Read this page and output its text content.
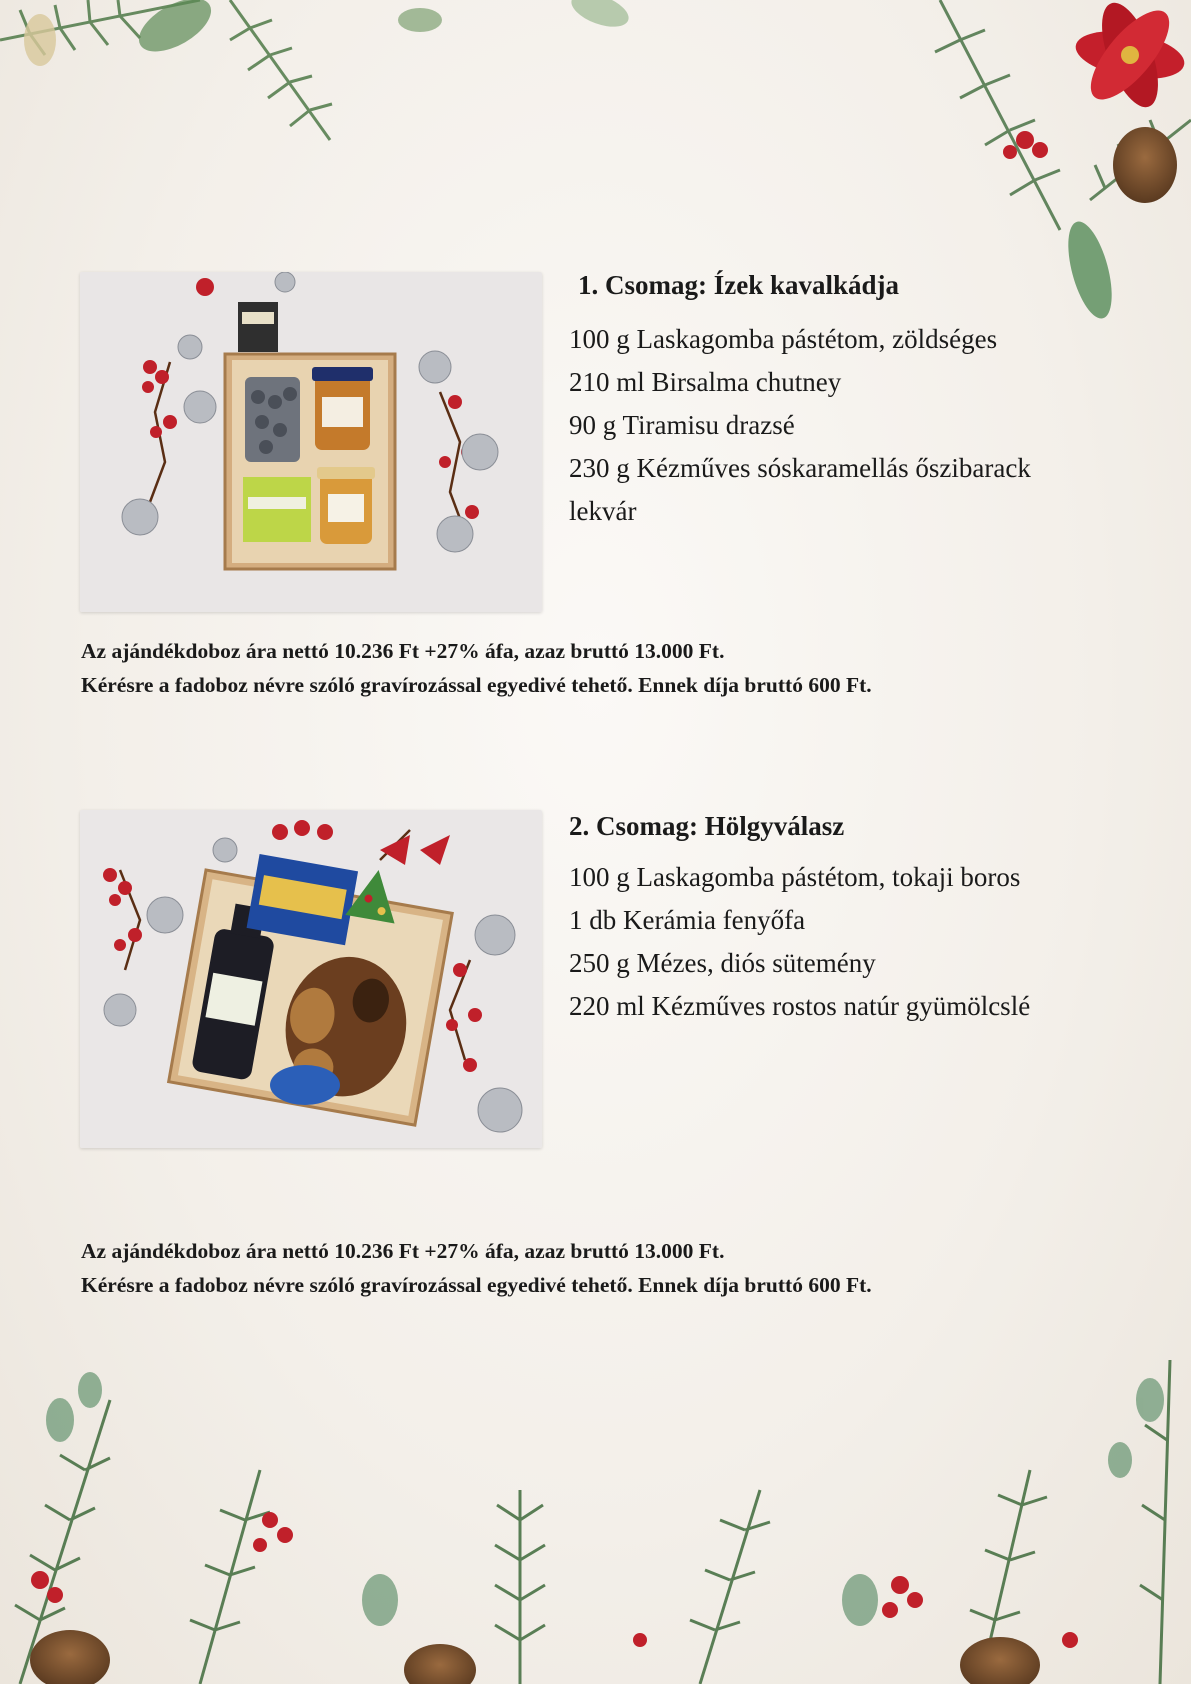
1. Csomag: Ízek kavalkádja
100 g Laskagomba pástétom, zöldséges
210 ml Birsalma chutney
90 g Tiramisu drazsé
230 g Kézműves sóskaramellás őszibarack
lekvár

Az ajándékdoboz ára nettó 10.236 Ft +27% áfa, azaz bruttó 13.000 Ft.

Kérésre a fadoboz névre szóló gravírozással egyedivé tehető. Ennek díja bruttó 600 Ft.

2. Csomag: Hölgyválasz
100 g Laskagomba pástétom, tokaji boros
1 db Kerámia fenyőfa
250 g Mézes, diós sütemény
220 ml Kézműves rostos natúr gyümölcslé

Az ajándékdoboz ára nettó 10.236 Ft +27% áfa, azaz bruttó 13.000 Ft.

Kérésre a fadoboz névre szóló gravírozással egyedivé tehető. Ennek díja bruttó 600 Ft.
